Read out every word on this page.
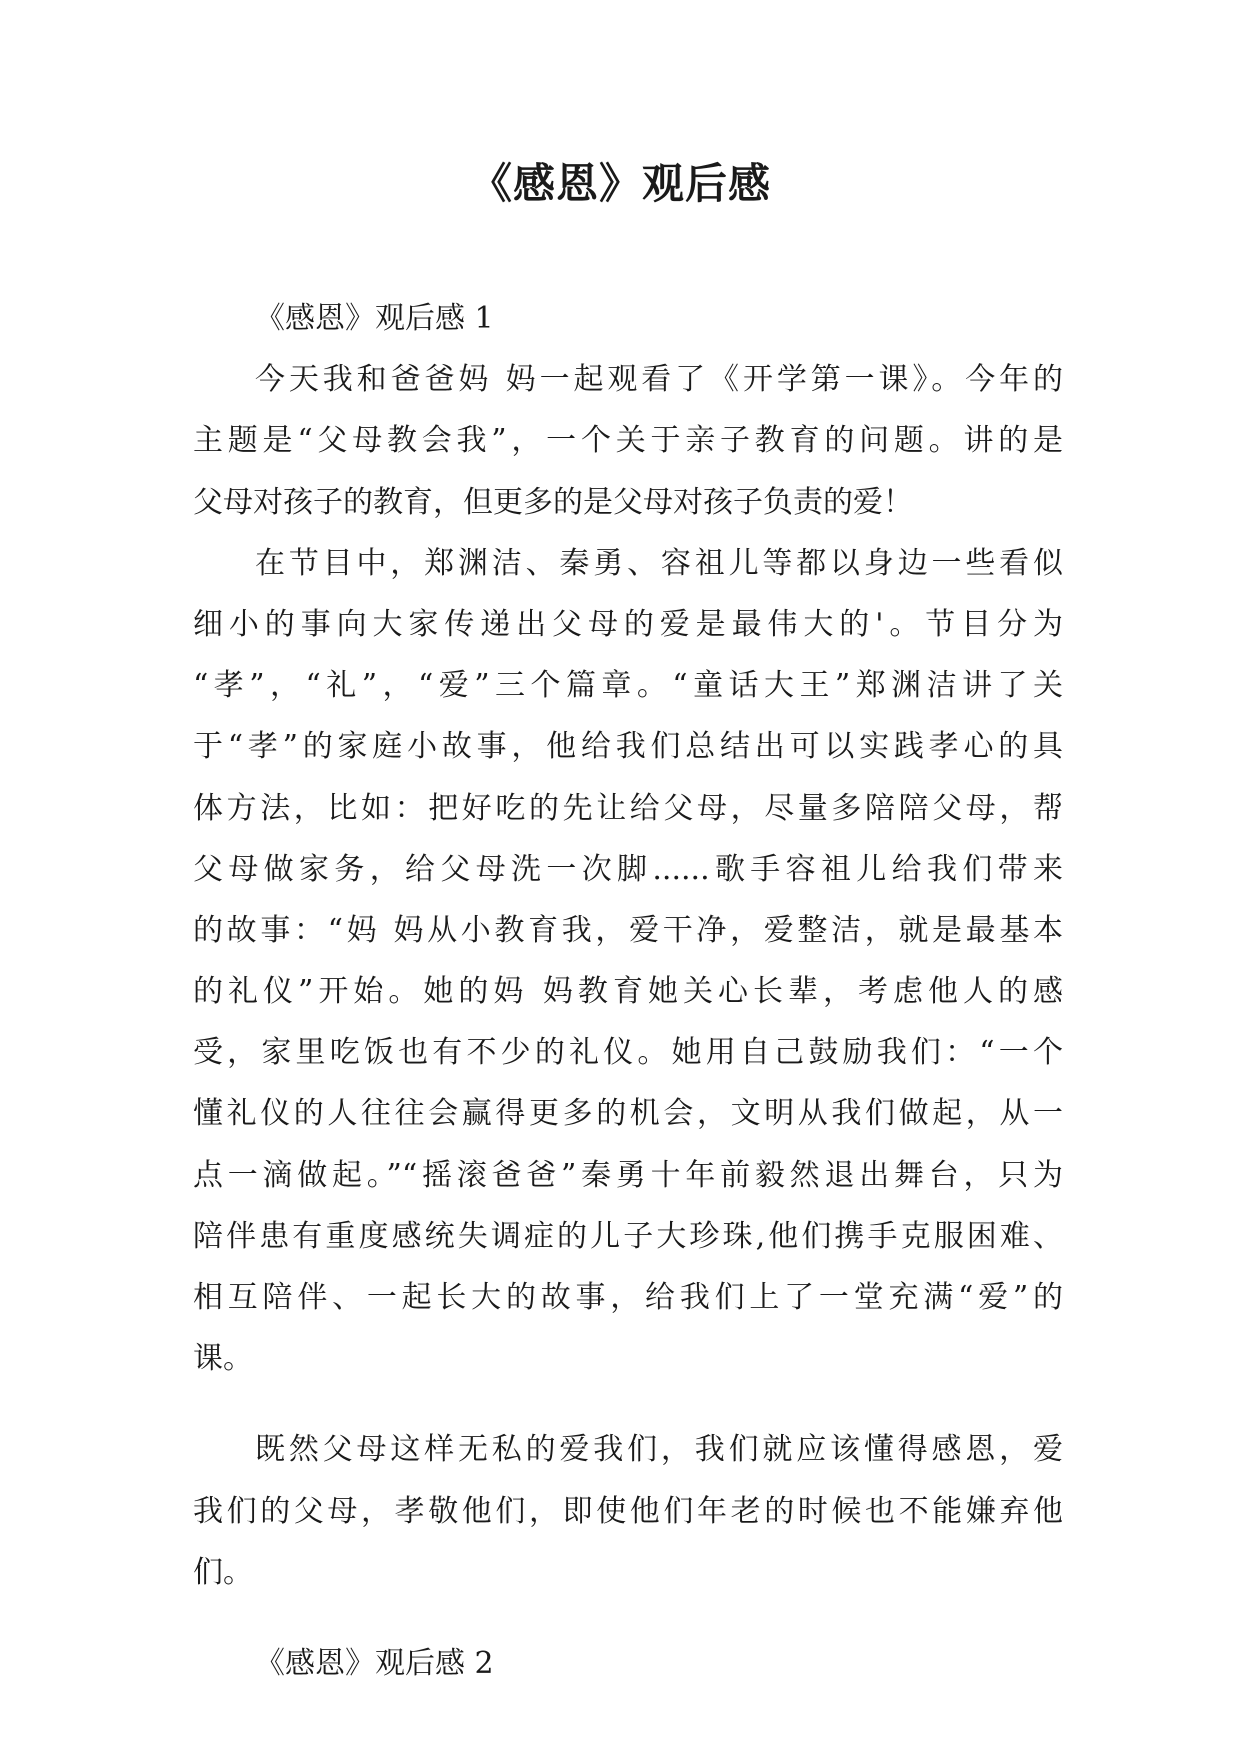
《感恩》观后感
《感恩》观后感 1
今天我和爸爸妈 妈一起观看了《开学第一课》。今年的
主题是“父母教会我”，一个关于亲子教育的问题。讲的是
父母对孩子的教育，但更多的是父母对孩子负责的爱！
在节目中，郑渊洁、秦勇、容祖儿等都以身边一些看似
细小的事向大家传递出父母的爱是最伟大的'。节目分为
“孝”，“礼”，“爱”三个篇章。“童话大王”郑渊洁讲了关
于“孝”的家庭小故事，他给我们总结出可以实践孝心的具
体方法，比如：把好吃的先让给父母，尽量多陪陪父母，帮
父母做家务，给父母洗一次脚......歌手容祖儿给我们带来
的故事：“妈 妈从小教育我，爱干净，爱整洁，就是最基本
的礼仪”开始。她的妈 妈教育她关心长辈，考虑他人的感
受，家里吃饭也有不少的礼仪。她用自己鼓励我们：“一个
懂礼仪的人往往会赢得更多的机会，文明从我们做起，从一
点一滴做起。”“摇滚爸爸”秦勇十年前毅然退出舞台，只为
陪伴患有重度感统失调症的儿子大珍珠,他们携手克服困难、
相互陪伴、一起长大的故事，给我们上了一堂充满“爱”的
课。
既然父母这样无私的爱我们，我们就应该懂得感恩，爱
我们的父母，孝敬他们，即使他们年老的时候也不能嫌弃他
们。
《感恩》观后感 2
